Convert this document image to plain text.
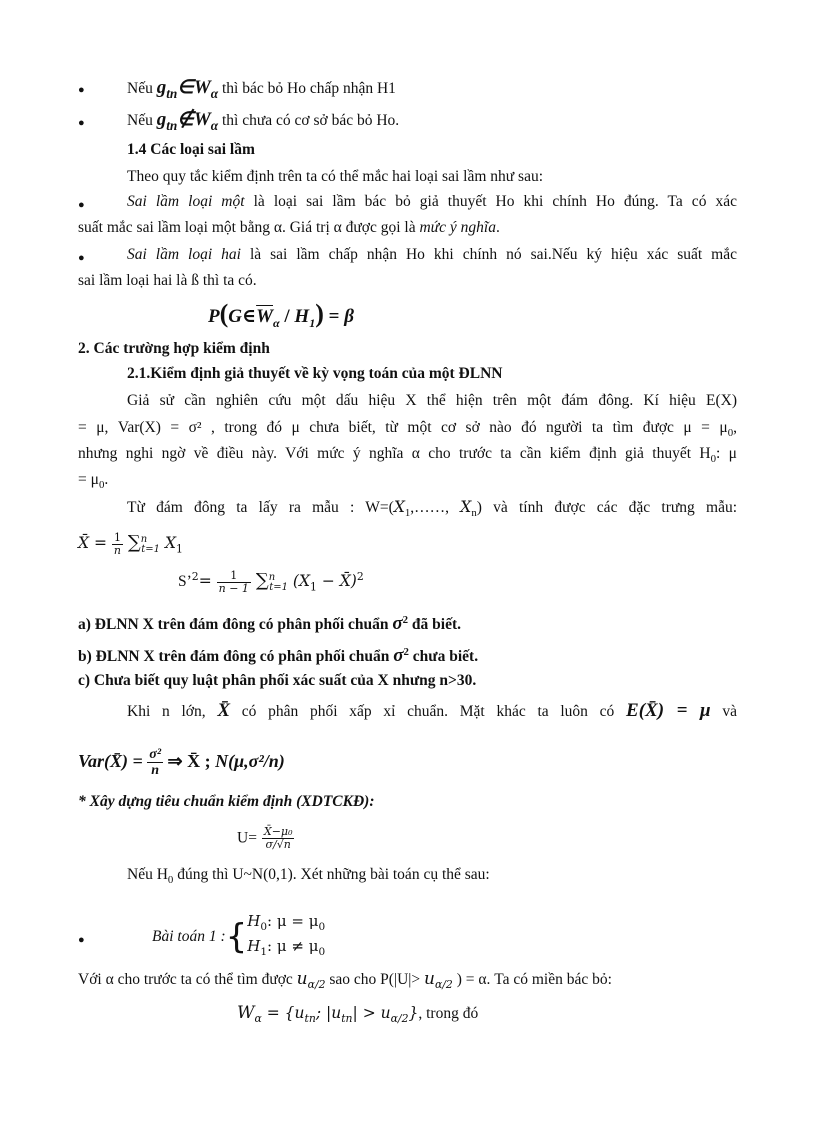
●	Nếu $g_{tn}\in W_\alpha$ thì bác bỏ Ho chấp nhận H1
●	Nếu $g_{tn}\notin W_\alpha$ thì chưa có cơ sở bác bỏ Ho.
1.4 Các loại sai lầm
Theo quy tắc kiểm định trên ta có thể mắc hai loại sai lầm như sau:
●	Sai lầm loại một là loại sai lầm bác bỏ giả thuyết Ho khi chính Ho đúng. Ta có xác
suất mắc sai lầm loại một bằng α. Giá trị α được gọi là mức ý nghĩa.
●	Sai lầm loại hai là sai lầm chấp nhận Ho khi chính nó sai.Nếu ký hiệu xác suất mắc
sai lầm loại hai là ß thì ta có.
$P(G\in\overline{W}_\alpha / H_1) = \beta$
2. Các trường hợp kiểm định
2.1.Kiểm định giả thuyết về kỳ vọng toán của một ĐLNN
Giả sử cần nghiên cứu một dấu hiệu X thể hiện trên một đám đông. Kí hiệu E(X)
= μ, Var(X) = σ² , trong đó μ chưa biết, từ một cơ sở nào đó người ta tìm được $\mu = \mu_0$,
nhưng nghi ngờ về điều này. Với mức ý nghĩa α cho trước ta cần kiểm định giả thuyết $H_0$: μ
= $\mu_0$.
Từ đám đông ta lấy ra mẫu : $W=(X_1,\dots\dots$, $X_n$) và tính được các đặc trưng mẫu:
X̄ = $\frac{1}{n} \sum^n_{t=1}$ $X_1$
S’$^2$= $\frac{1}{n - 1} \sum^n_{t=1}$ ($X_1$ − X̄)$^2$
a) ĐLNN X trên đám đông có phân phối chuẩn $\sigma^2$ đã biết.
b) ĐLNN X trên đám đông có phân phối chuẩn $\sigma^2$ chưa biết.
c) Chưa biết quy luật phân phối xác suất của X nhưng n>30.
Khi n lớn, X̄ có phân phối xấp xỉ chuẩn. Mặt khác ta luôn có E(X̄) = μ và
Var(X̄) = $\frac{\text{σ²}}{n}$ ⇒ X̄ ; N(μ,σ²/n)
* Xây dựng tiêu chuẩn kiểm định (XDTCKĐ):
$U= \frac{\text{X̄−μ₀}}{\sigma/√n}$
Nếu $H_0$ đúng thì U~N(0,1). Xét những bài toán cụ thể sau:
●	Bài toán 1 :{ $H_0$: $\mu = \mu_0$
$H_1$: $\mu \ne \mu_0$
Với α cho trước ta có thể tìm được $u_{\alpha/2}$ sao cho $P(|U|> u_{\alpha/2}$ ) = α. Ta có miền bác bỏ:
$W_\alpha = \{u_{tn}$; $|u_{tn}| > u_{\alpha/2}$}, trong đó
